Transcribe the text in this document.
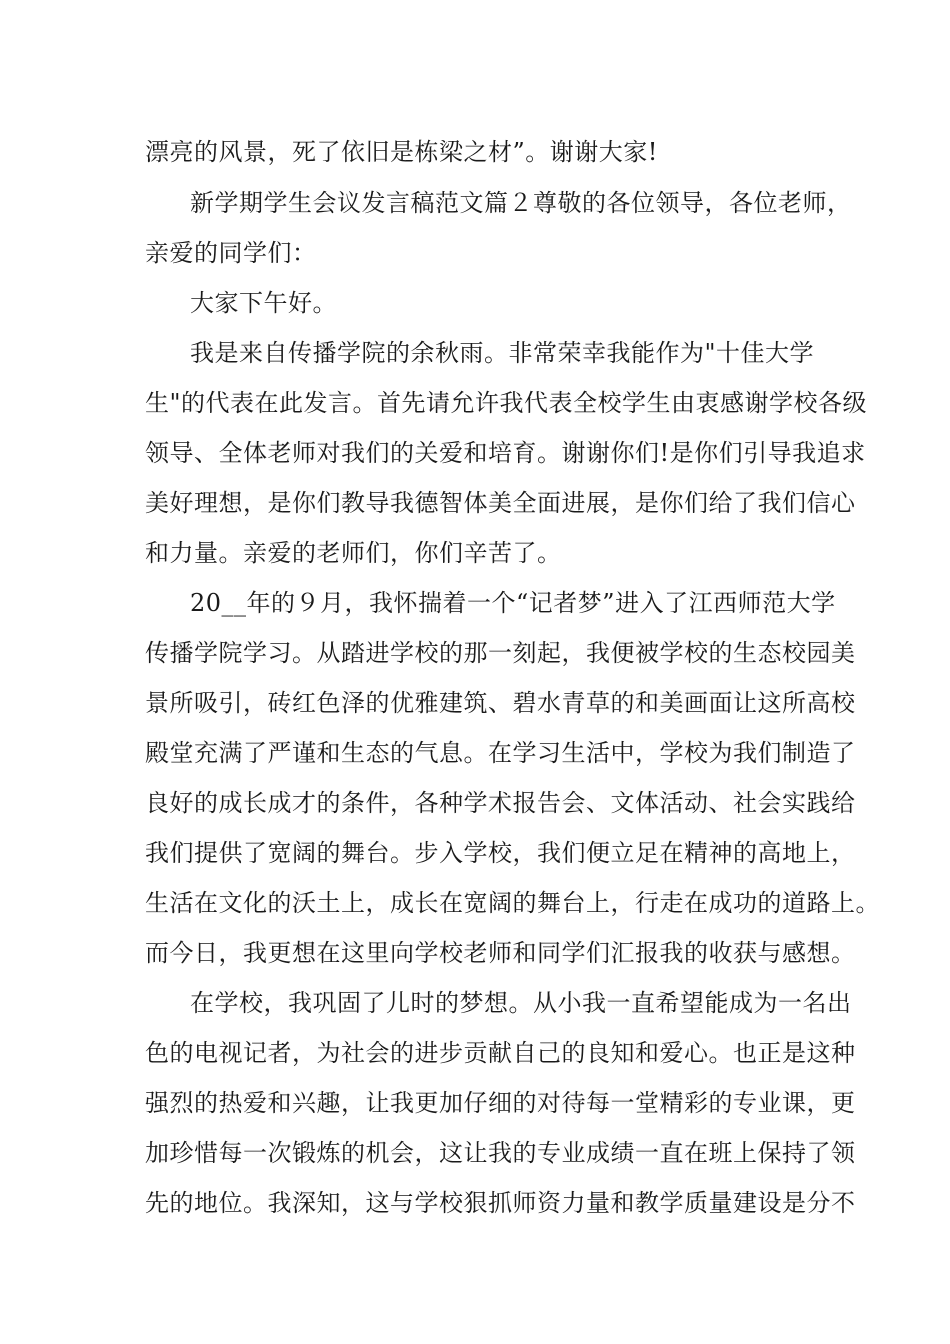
漂亮的风景，死了依旧是栋梁之材”。谢谢大家!
新学期学生会议发言稿范文篇２尊敬的各位领导，各位老师，
亲爱的同学们：
大家下午好。
我是来自传播学院的余秋雨。非常荣幸我能作为"十佳大学
生"的代表在此发言。首先请允许我代表全校学生由衷感谢学校各级
领导、全体老师对我们的关爱和培育。谢谢你们!是你们引导我追求
美好理想，是你们教导我德智体美全面进展，是你们给了我们信心
和力量。亲爱的老师们，你们辛苦了。
20__年的９月，我怀揣着一个“记者梦”进入了江西师范大学
传播学院学习。从踏进学校的那一刻起，我便被学校的生态校园美
景所吸引，砖红色泽的优雅建筑、碧水青草的和美画面让这所高校
殿堂充满了严谨和生态的气息。在学习生活中，学校为我们制造了
良好的成长成才的条件，各种学术报告会、文体活动、社会实践给
我们提供了宽阔的舞台。步入学校，我们便立足在精神的高地上，
生活在文化的沃土上，成长在宽阔的舞台上，行走在成功的道路上。
而今日，我更想在这里向学校老师和同学们汇报我的收获与感想。
在学校，我巩固了儿时的梦想。从小我一直希望能成为一名出
色的电视记者，为社会的进步贡献自己的良知和爱心。也正是这种
强烈的热爱和兴趣，让我更加仔细的对待每一堂精彩的专业课，更
加珍惜每一次锻炼的机会，这让我的专业成绩一直在班上保持了领
先的地位。我深知，这与学校狠抓师资力量和教学质量建设是分不
